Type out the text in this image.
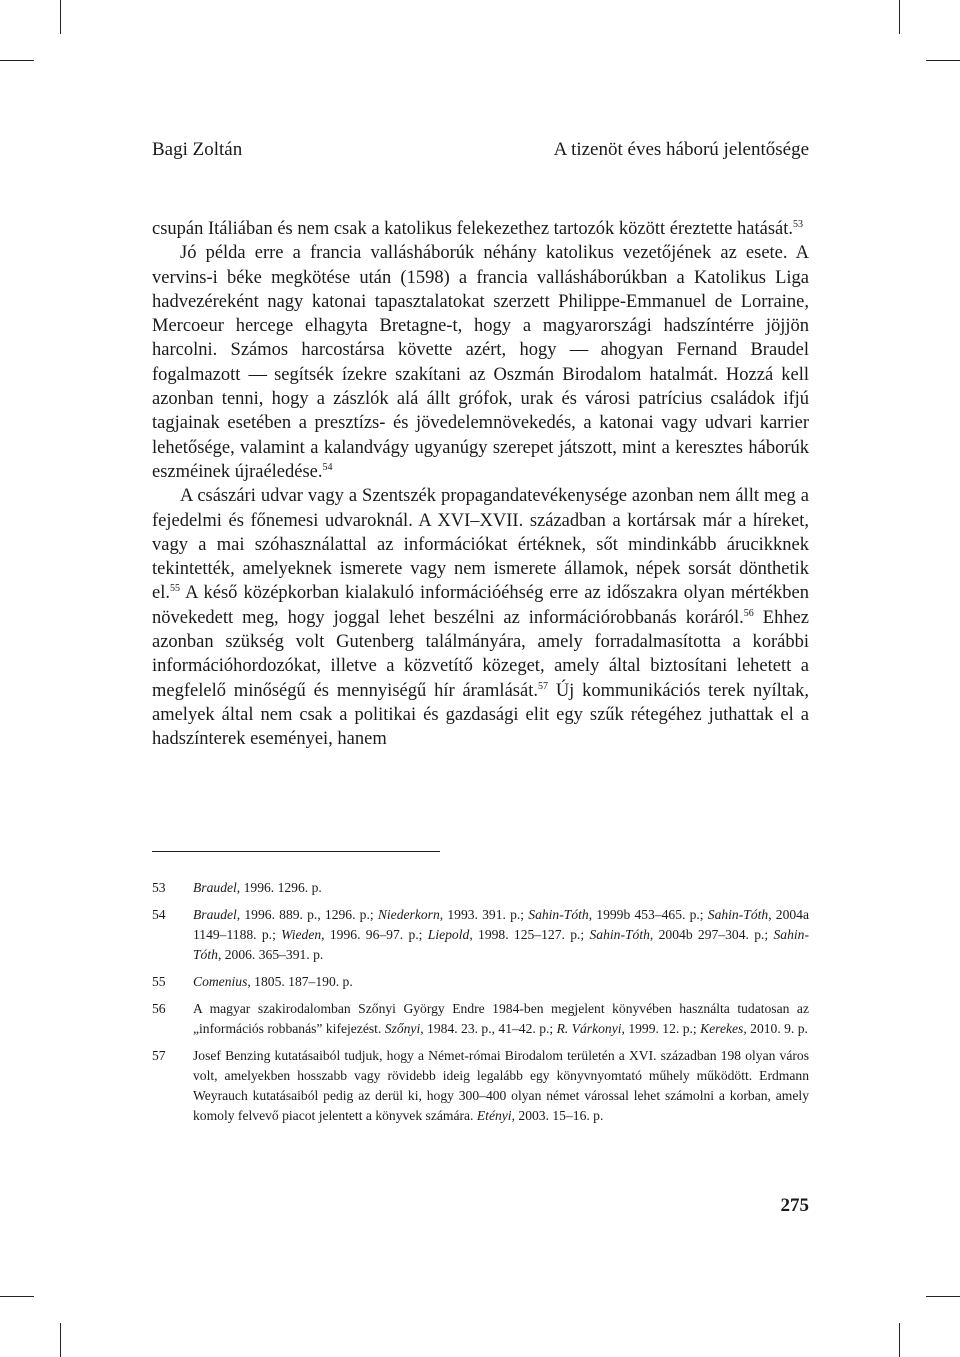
Bagi Zoltán	A tizenöt éves háború jelentősége

csupán Itáliában és nem csak a katolikus felekezethez tartozók között éreztette hatását.$^{53}$

Jó példa erre a francia vallásháborúk néhány katolikus vezetőjének az esete. A vervins-i béke megkötése után (1598) a francia vallásháborúkban a Katolikus Liga hadvezéreként nagy katonai tapasztalatokat szerzett Philippe-Emmanuel de Lorraine, Mercoeur hercege elhagyta Bretagne-t, hogy a magyarországi hadszíntérre jöjjön harcolni. Számos harcostársa követte azért, hogy — ahogyan Fernand Braudel fogalmazott — segítsék ízekre szakítani az Oszmán Birodalom hatalmát. Hozzá kell azonban tenni, hogy a zászlók alá állt grófok, urak és városi patrícius családok ifjú tagjainak esetében a presztízs- és jövedelemnövekedés, a katonai vagy udvari karrier lehetősége, valamint a kalandvágy ugyanúgy szerepet játszott, mint a keresztes háborúk eszméinek újraéledése.$^{54}$

A császári udvar vagy a Szentszék propagandatevékenysége azonban nem állt meg a fejedelmi és főnemesi udvaroknál. A XVI–XVII. században a kortársak már a híreket, vagy a mai szóhasználattal az információkat értéknek, sőt mindinkább árucikknek tekintették, amelyeknek ismerete vagy nem ismerete államok, népek sorsát dönthetik el.$^{55}$ A késő középkorban kialakuló információéhség erre az időszakra olyan mértékben növekedett meg, hogy joggal lehet beszélni az információrobbanás koráról.$^{56}$ Ehhez azonban szükség volt Gutenberg találmányára, amely forradalmasította a korábbi információhordozókat, illetve a közvetítő közeget, amely által biztosítani lehetett a megfelelő minőségű és mennyiségű hír áramlását.$^{57}$ Új kommunikációs terek nyíltak, amelyek által nem csak a politikai és gazdasági elit egy szűk rétegéhez juthattak el a hadszínterek eseményei, hanem

53	Braudel, 1996. 1296. p.
54	Braudel, 1996. 889. p., 1296. p.; Niederkorn, 1993. 391. p.; Sahin-Tóth, 1999b 453–465. p.; Sahin-Tóth, 2004a 1149–1188. p.; Wieden, 1996. 96–97. p.; Liepold, 1998. 125–127. p.; Sahin-Tóth, 2004b 297–304. p.; Sahin-Tóth, 2006. 365–391. p.
55	Comenius, 1805. 187–190. p.
56	A magyar szakirodalomban Szőnyi György Endre 1984-ben megjelent könyvében használta tudatosan az „információs robbanás” kifejezést. Szőnyi, 1984. 23. p., 41–42. p.; R. Várkonyi, 1999. 12. p.; Kerekes, 2010. 9. p.
57	Josef Benzing kutatásaiból tudjuk, hogy a Német-római Birodalom területén a XVI. században 198 olyan város volt, amelyekben hosszabb vagy rövidebb ideig legalább egy könyvnyomtató műhely működött. Erdmann Weyrauch kutatásaiból pedig az derül ki, hogy 300–400 olyan német várossal lehet számolni a korban, amely komoly felvevő piacot jelentett a könyvek számára. Etényi, 2003. 15–16. p.
275
